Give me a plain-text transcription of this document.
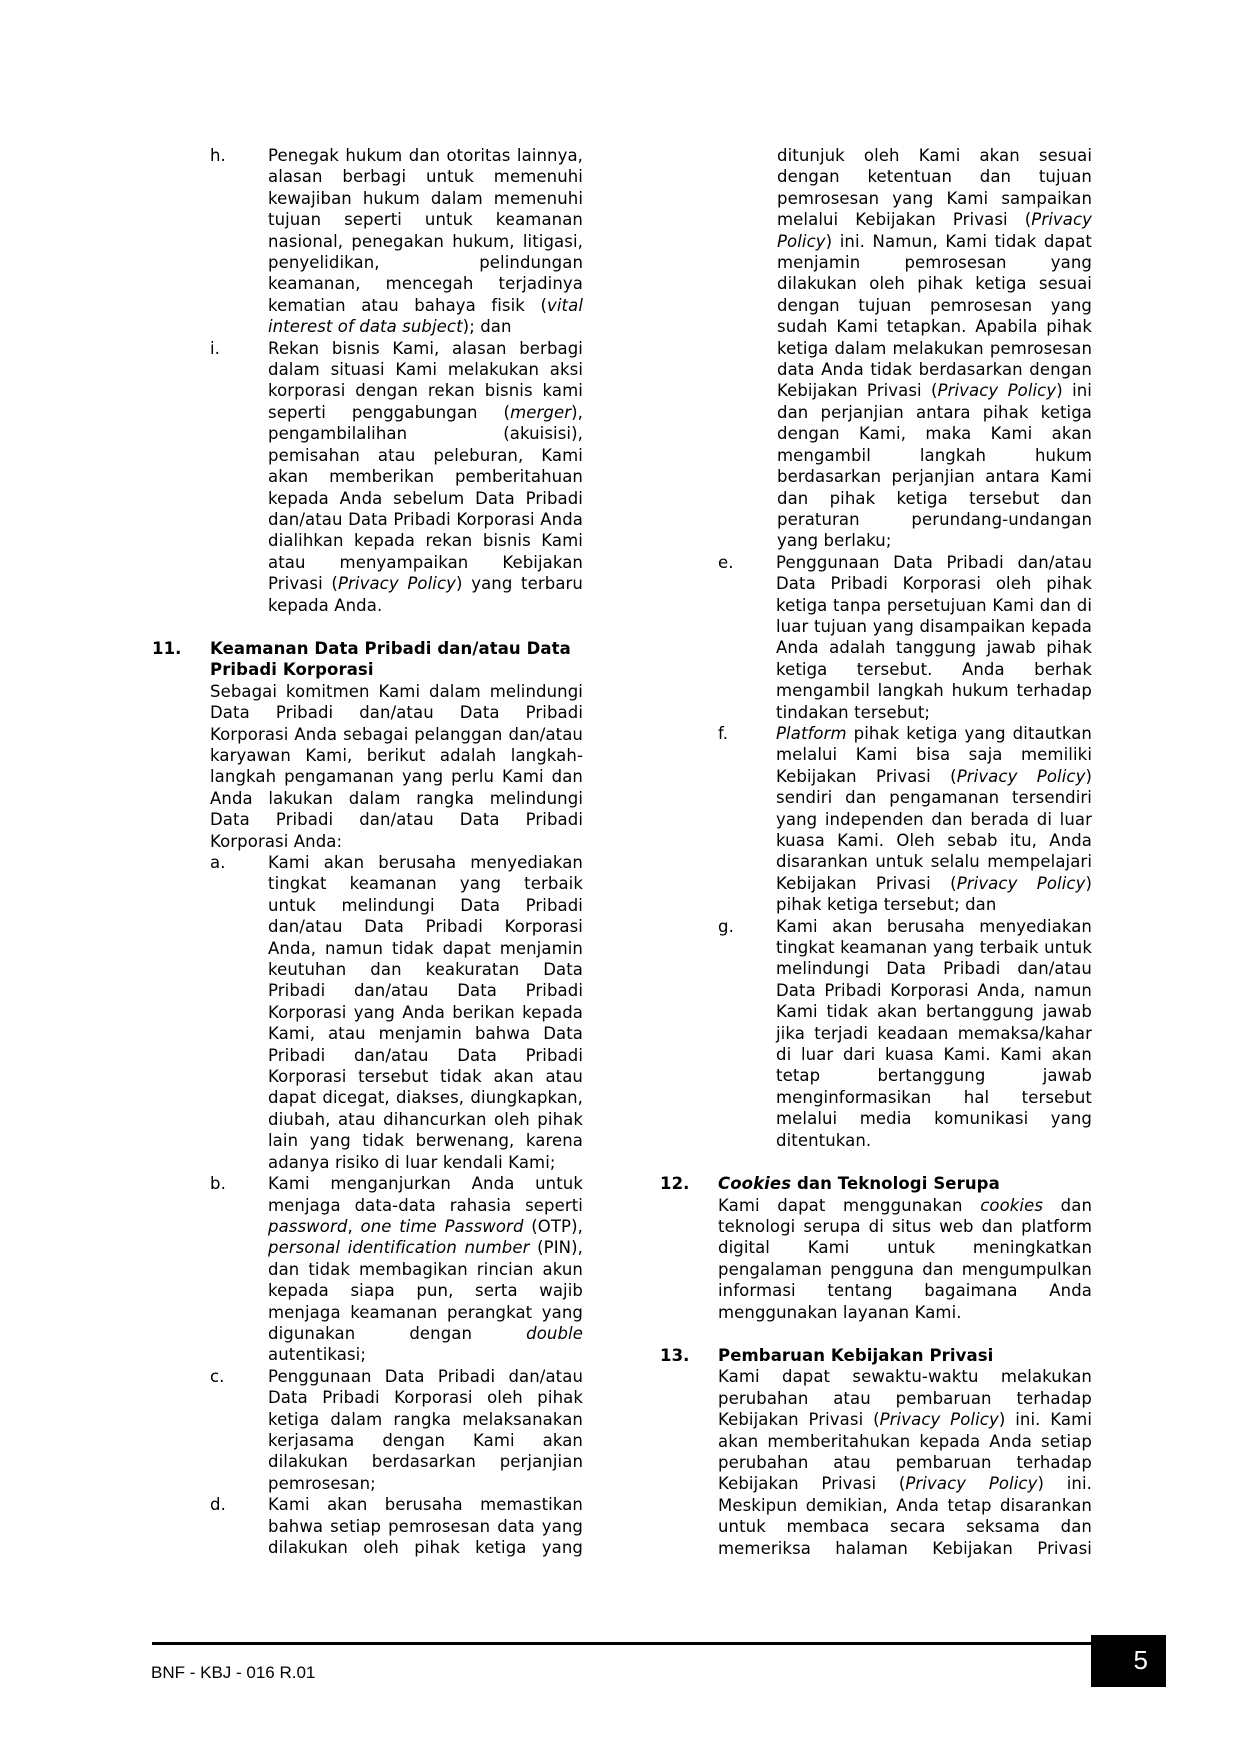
h.	Penegak hukum dan otoritas lainnya, alasan berbagi untuk memenuhi kewajiban hukum dalam memenuhi tujuan seperti untuk keamanan nasional, penegakan hukum, litigasi, penyelidikan, pelindungan keamanan, mencegah terjadinya kematian atau bahaya fisik (vital interest of data subject); dan
i.	Rekan bisnis Kami, alasan berbagi dalam situasi Kami melakukan aksi korporasi dengan rekan bisnis kami seperti penggabungan (merger), pengambilalihan (akuisisi), pemisahan atau peleburan, Kami akan memberikan pemberitahuan kepada Anda sebelum Data Pribadi dan/atau Data Pribadi Korporasi Anda dialihkan kepada rekan bisnis Kami atau menyampaikan Kebijakan Privasi (Privacy Policy) yang terbaru kepada Anda.
11.	Keamanan Data Pribadi dan/atau Data Pribadi Korporasi
Sebagai komitmen Kami dalam melindungi Data Pribadi dan/atau Data Pribadi Korporasi Anda sebagai pelanggan dan/atau karyawan Kami, berikut adalah langkah-langkah pengamanan yang perlu Kami dan Anda lakukan dalam rangka melindungi Data Pribadi dan/atau Data Pribadi Korporasi Anda:
a.	Kami akan berusaha menyediakan tingkat keamanan yang terbaik untuk melindungi Data Pribadi dan/atau Data Pribadi Korporasi Anda, namun tidak dapat menjamin keutuhan dan keakuratan Data Pribadi dan/atau Data Pribadi Korporasi yang Anda berikan kepada Kami, atau menjamin bahwa Data Pribadi dan/atau Data Pribadi Korporasi tersebut tidak akan atau dapat dicegat, diakses, diungkapkan, diubah, atau dihancurkan oleh pihak lain yang tidak berwenang, karena adanya risiko di luar kendali Kami;
b.	Kami menganjurkan Anda untuk menjaga data-data rahasia seperti password, one time Password (OTP), personal identification number (PIN), dan tidak membagikan rincian akun kepada siapa pun, serta wajib menjaga keamanan perangkat yang digunakan dengan double autentikasi;
c.	Penggunaan Data Pribadi dan/atau Data Pribadi Korporasi oleh pihak ketiga dalam rangka melaksanakan kerjasama dengan Kami akan dilakukan berdasarkan perjanjian pemrosesan;
d.	Kami akan berusaha memastikan bahwa setiap pemrosesan data yang dilakukan oleh pihak ketiga yang
ditunjuk oleh Kami akan sesuai dengan ketentuan dan tujuan pemrosesan yang Kami sampaikan melalui Kebijakan Privasi (Privacy Policy) ini. Namun, Kami tidak dapat menjamin pemrosesan yang dilakukan oleh pihak ketiga sesuai dengan tujuan pemrosesan yang sudah Kami tetapkan. Apabila pihak ketiga dalam melakukan pemrosesan data Anda tidak berdasarkan dengan Kebijakan Privasi (Privacy Policy) ini dan perjanjian antara pihak ketiga dengan Kami, maka Kami akan mengambil langkah hukum berdasarkan perjanjian antara Kami dan pihak ketiga tersebut dan peraturan perundang-undangan yang berlaku;
e.	Penggunaan Data Pribadi dan/atau Data Pribadi Korporasi oleh pihak ketiga tanpa persetujuan Kami dan di luar tujuan yang disampaikan kepada Anda adalah tanggung jawab pihak ketiga tersebut. Anda berhak mengambil langkah hukum terhadap tindakan tersebut;
f.	Platform pihak ketiga yang ditautkan melalui Kami bisa saja memiliki Kebijakan Privasi (Privacy Policy) sendiri dan pengamanan tersendiri yang independen dan berada di luar kuasa Kami. Oleh sebab itu, Anda disarankan untuk selalu mempelajari Kebijakan Privasi (Privacy Policy) pihak ketiga tersebut; dan
g.	Kami akan berusaha menyediakan tingkat keamanan yang terbaik untuk melindungi Data Pribadi dan/atau Data Pribadi Korporasi Anda, namun Kami tidak akan bertanggung jawab jika terjadi keadaan memaksa/kahar di luar dari kuasa Kami. Kami akan tetap bertanggung jawab menginformasikan hal tersebut melalui media komunikasi yang ditentukan.
12.	Cookies dan Teknologi Serupa
Kami dapat menggunakan cookies dan teknologi serupa di situs web dan platform digital Kami untuk meningkatkan pengalaman pengguna dan mengumpulkan informasi tentang bagaimana Anda menggunakan layanan Kami.
13.	Pembaruan Kebijakan Privasi
Kami dapat sewaktu-waktu melakukan perubahan atau pembaruan terhadap Kebijakan Privasi (Privacy Policy) ini. Kami akan memberitahukan kepada Anda setiap perubahan atau pembaruan terhadap Kebijakan Privasi (Privacy Policy) ini. Meskipun demikian, Anda tetap disarankan untuk membaca secara seksama dan memeriksa halaman Kebijakan Privasi
BNF - KBJ - 016 R.01	5
